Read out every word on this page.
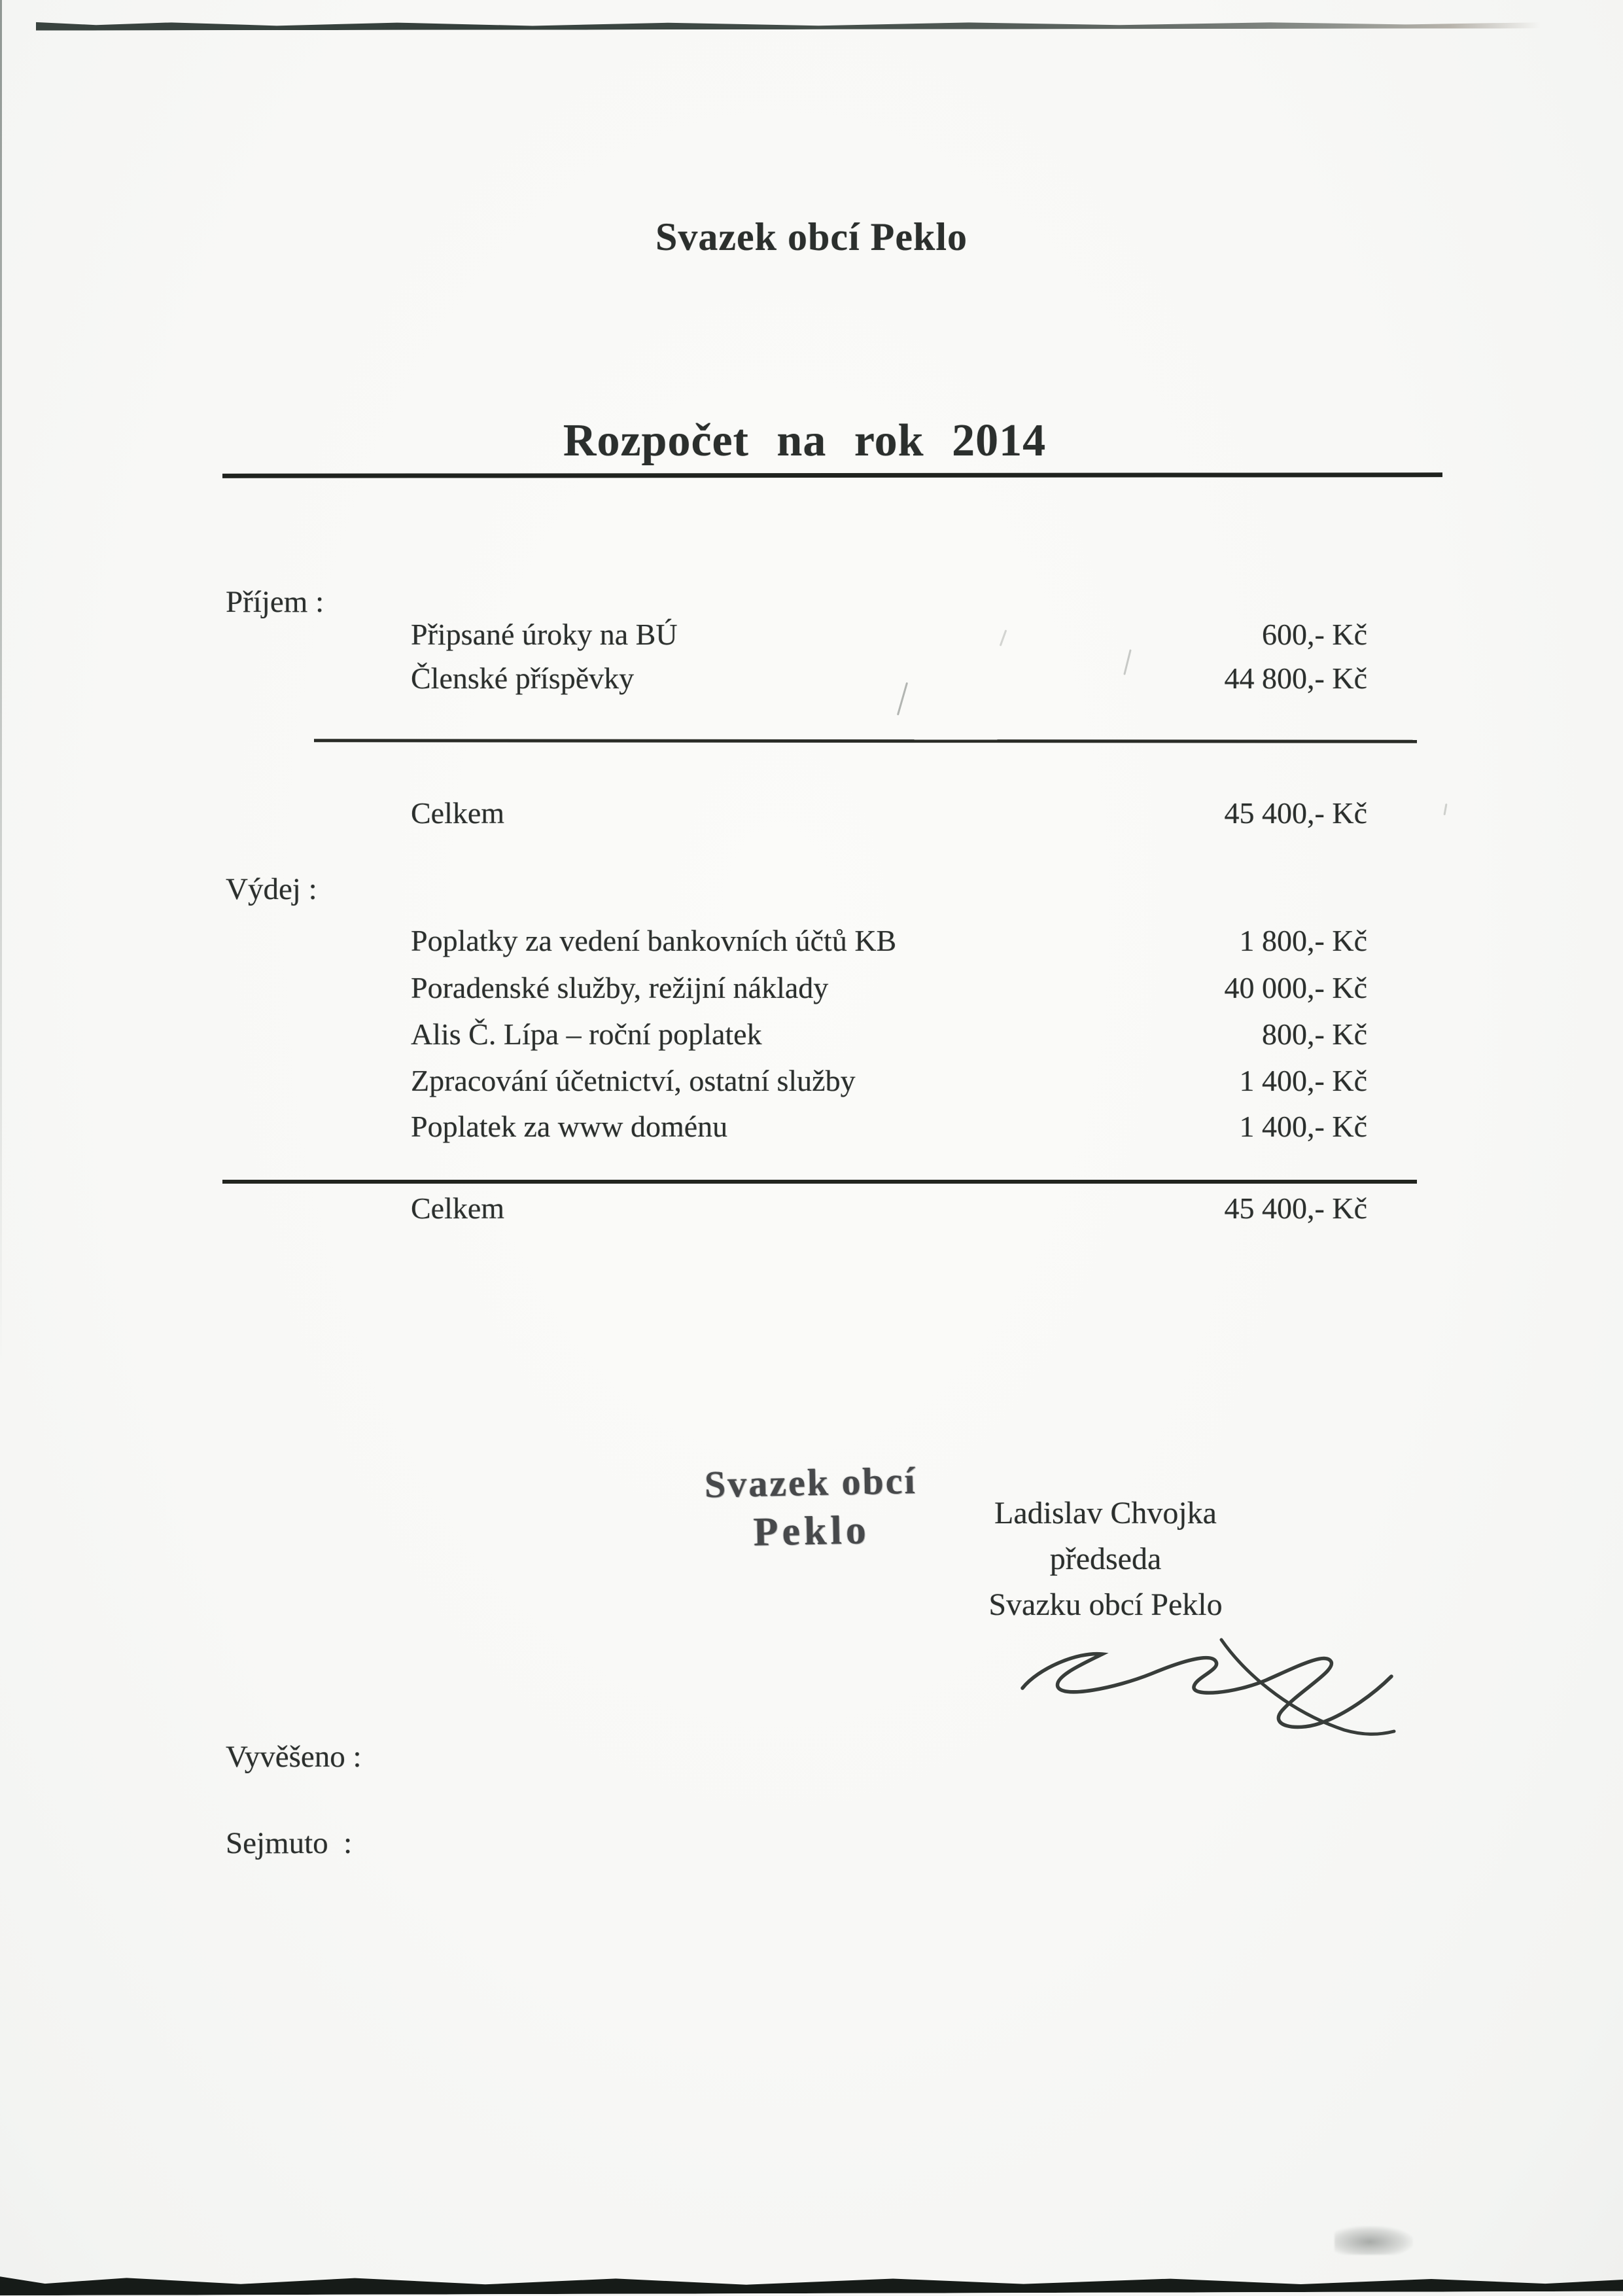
Svazek obcí Peklo
Rozpočet na rok 2014
Příjem :
Připsané úroky na BÚ	600,- Kč
Členské příspěvky	44 800,- Kč
Celkem	45 400,- Kč
Výdej :
Poplatky za vedení bankovních účtů KB	1 800,- Kč
Poradenské služby, režijní náklady	40 000,- Kč
Alis Č. Lípa – roční poplatek	800,- Kč
Zpracování účetnictví, ostatní služby	1 400,- Kč
Poplatek za www doménu	1 400,- Kč
Celkem	45 400,- Kč
Svazek obcí
Peklo	Ladislav Chvojka
předseda
Svazku obcí Peklo
Vyvěšeno :
Sejmuto  :
